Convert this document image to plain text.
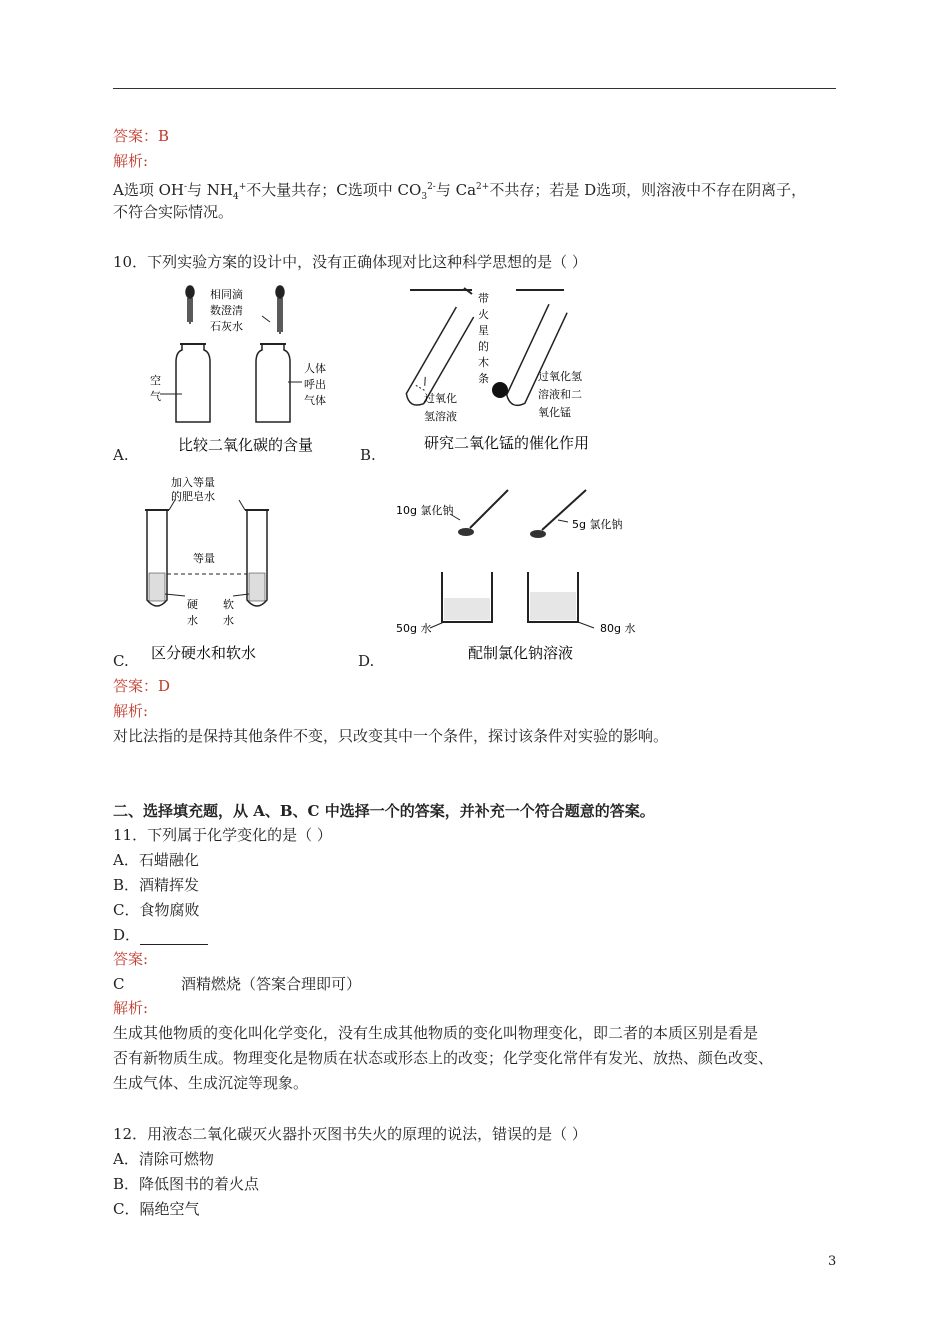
答案：B
解析:
A选项 OH-与 $NH_4^+$不大量共存；C选项中 $CO_3^{2-}$与 $Ca^{2+}$不共存；若是 D选项，则溶液中不存在阴离子，
不符合实际情况。
10．下列实验方案的设计中，没有正确体现对比这种科学思想的是（ ）
相同滴
数澄清
石灰水
空
气
人体
呼出
气体
比较二氧化碳的含量
A.
带
火
星
的
木
条
过氧化
氢溶液
过氧化氢
溶液和二
氧化锰
研究二氧化锰的催化作用
B.
加入等量
的肥皂水
等量
硬
水
软
水
区分硬水和软水
C.
10g 氯化钠
5g 氯化钠
50g 水	80g 水
配制氯化钠溶液
D.
答案：D
解析:
对比法指的是保持其他条件不变，只改变其中一个条件，探讨该条件对实验的影响。
二、选择填充题，从 A、B、C 中选择一个的答案，并补充一个符合题意的答案。
11．下列属于化学变化的是（ ）
A．石蜡融化
B．酒精挥发
C．食物腐败
D．
答案:
C	酒精燃烧（答案合理即可）
解析:
生成其他物质的变化叫化学变化，没有生成其他物质的变化叫物理变化，即二者的本质区别是看是
否有新物质生成。物理变化是物质在状态或形态上的改变；化学变化常伴有发光、放热、颜色改变、
生成气体、生成沉淀等现象。
12．用液态二氧化碳灭火器扑灭图书失火的原理的说法，错误的是（ ）
A．清除可燃物
B．降低图书的着火点
C．隔绝空气
3
